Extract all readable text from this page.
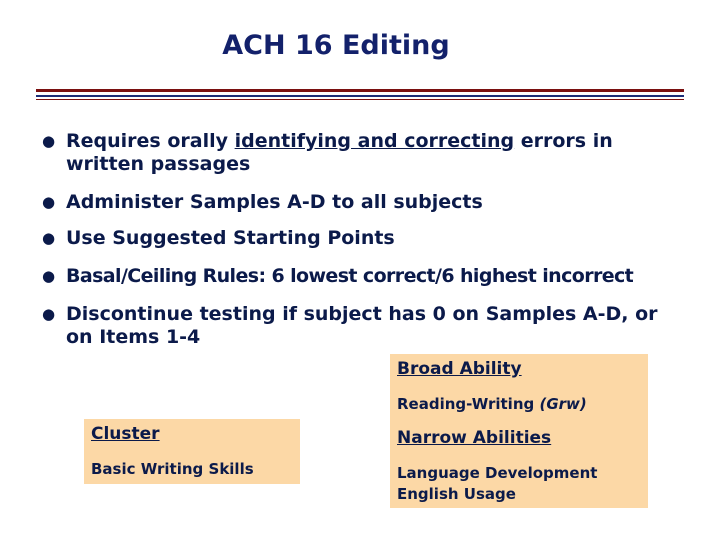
ACH 16 Editing
● Requires orally identifying and correcting errors in
written passages
● Administer Samples A-D to all subjects
● Use Suggested Starting Points
● Basal/Ceiling Rules: 6 lowest correct/6 highest incorrect
● Discontinue testing if subject has 0 on Samples A-D, or
on Items 1-4
Broad Ability
Reading-Writing (Grw)
Narrow Abilities
Language Development
English Usage
Cluster
Basic Writing Skills
